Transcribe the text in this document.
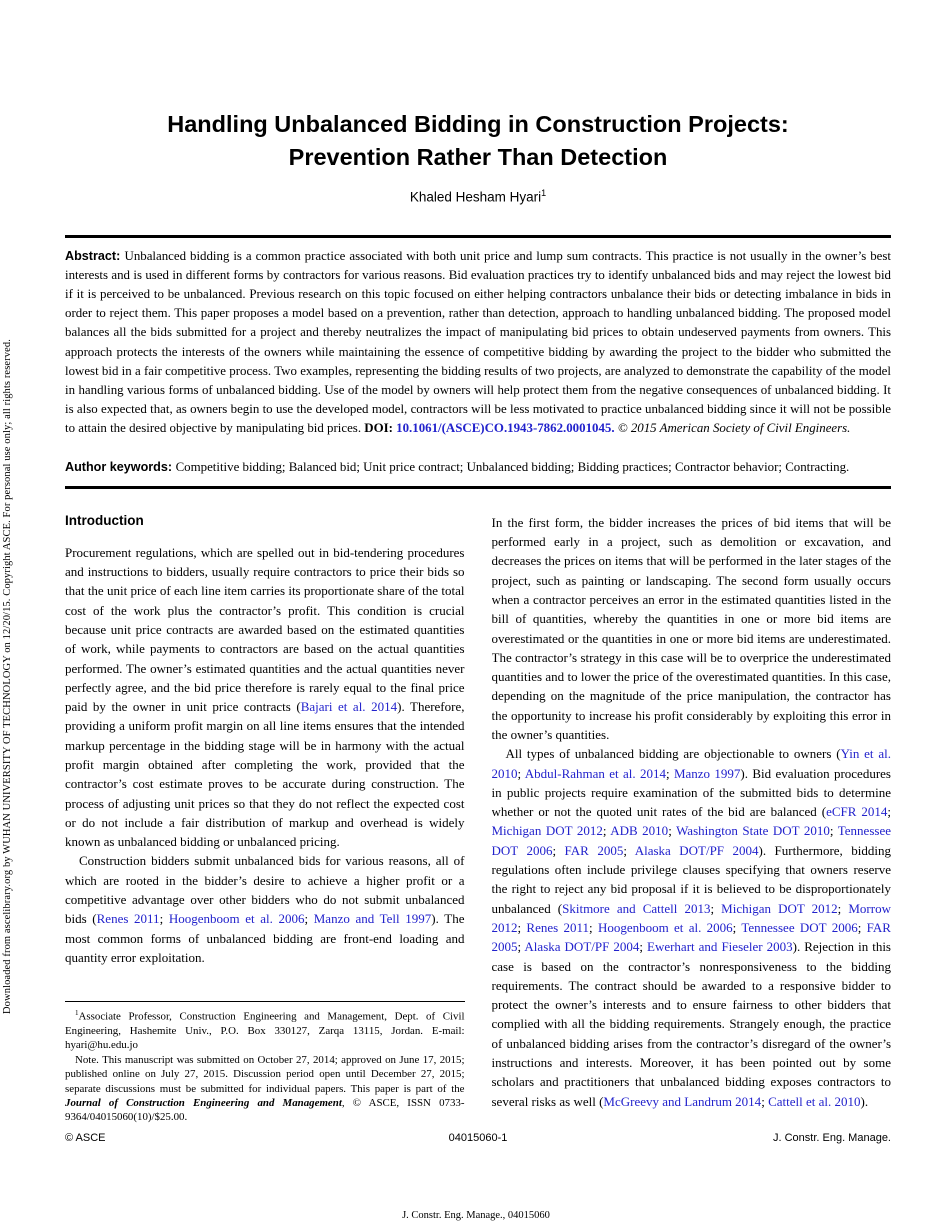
Downloaded from ascelibrary.org by WUHAN UNIVERSITY OF TECHNOLOGY on 12/20/15. Copyright ASCE. For personal use only; all rights reserved.
Handling Unbalanced Bidding in Construction Projects:
Prevention Rather Than Detection
Khaled Hesham Hyari$^1$

Abstract: Unbalanced bidding is a common practice associated with both unit price and lump sum contracts. This practice is not usually in the owner’s best interests and is used in different forms by contractors for various reasons. Bid evaluation practices try to identify unbalanced bids and may reject the lowest bid if it is perceived to be unbalanced. Previous research on this topic focused on either helping contractors unbalance their bids or detecting imbalance in bids in order to reject them. This paper proposes a model based on a prevention, rather than detection, approach to handling unbalanced bidding. The proposed model balances all the bids submitted for a project and thereby neutralizes the impact of manipulating bid prices to obtain undeserved payments from owners. This approach protects the interests of the owners while maintaining the essence of competitive bidding by awarding the project to the bidder who submitted the lowest bid in a fair competitive process. Two examples, representing the bidding results of two projects, are analyzed to demonstrate the capability of the model in handling various forms of unbalanced bidding. Use of the model by owners will help protect them from the negative consequences of unbalanced bidding. It is also expected that, as owners begin to use the developed model, contractors will be less motivated to practice unbalanced bidding since it will not be possible to attain the desired objective by manipulating bid prices. DOI: 10.1061/(ASCE)CO.1943-7862.0001045. © 2015 American Society of Civil Engineers.

Author keywords: Competitive bidding; Balanced bid; Unit price contract; Unbalanced bidding; Bidding practices; Contractor behavior; Contracting.

Introduction

Procurement regulations, which are spelled out in bid-tendering procedures and instructions to bidders, usually require contractors to price their bids so that the unit price of each line item carries its proportionate share of the total cost of the work plus the contractor’s profit. This condition is crucial because unit price contracts are awarded based on the estimated quantities of work, while payments to contractors are based on the actual quantities performed. The owner’s estimated quantities and the actual quantities never perfectly agree, and the bid price therefore is rarely equal to the final price paid by the owner in unit price contracts (Bajari et al. 2014). Therefore, providing a uniform profit margin on all line items ensures that the intended markup percentage in the bidding stage will be in harmony with the actual profit margin obtained after completing the work, provided that the contractor’s cost estimate proves to be accurate during construction. The process of adjusting unit prices so that they do not reflect the expected cost or do not include a fair distribution of markup and overhead is widely known as unbalanced bidding or unbalanced pricing.

Construction bidders submit unbalanced bids for various reasons, all of which are rooted in the bidder’s desire to achieve a higher profit or a competitive advantage over other bidders who do not submit unbalanced bids (Renes 2011; Hoogenboom et al. 2006; Manzo and Tell 1997). The most common forms of unbalanced bidding are front-end loading and quantity error exploitation.

$^1$Associate Professor, Construction Engineering and Management, Dept. of Civil Engineering, Hashemite Univ., P.O. Box 330127, Zarqa 13115, Jordan. E-mail: hyari@hu.edu.jo

Note. This manuscript was submitted on October 27, 2014; approved on June 17, 2015; published online on July 27, 2015. Discussion period open until December 27, 2015; separate discussions must be submitted for individual papers. This paper is part of the Journal of Construction Engineering and Management, © ASCE, ISSN 0733-9364/04015060(10)/$25.00.

In the first form, the bidder increases the prices of bid items that will be performed early in a project, such as demolition or excavation, and decreases the prices on items that will be performed in the later stages of the project, such as painting or landscaping. The second form usually occurs when a contractor perceives an error in the estimated quantities listed in the bill of quantities, whereby the quantities in one or more bid items are overestimated or the quantities in one or more bid items are underestimated. The contractor’s strategy in this case will be to overprice the underestimated quantities and to lower the price of the overestimated quantities. In this case, depending on the magnitude of the price manipulation, the contractor has the opportunity to increase his profit considerably by exploiting this error in the owner’s quantities.

All types of unbalanced bidding are objectionable to owners (Yin et al. 2010; Abdul-Rahman et al. 2014; Manzo 1997). Bid evaluation procedures in public projects require examination of the submitted bids to determine whether or not the quoted unit rates of the bid are balanced (eCFR 2014; Michigan DOT 2012; ADB 2010; Washington State DOT 2010; Tennessee DOT 2006; FAR 2005; Alaska DOT/PF 2004). Furthermore, bidding regulations often include privilege clauses specifying that owners reserve the right to reject any bid proposal if it is believed to be disproportionately unbalanced (Skitmore and Cattell 2013; Michigan DOT 2012; Morrow 2012; Renes 2011; Hoogenboom et al. 2006; Tennessee DOT 2006; FAR 2005; Alaska DOT/PF 2004; Ewerhart and Fieseler 2003). Rejection in this case is based on the contractor’s nonresponsiveness to the bidding requirements. The contract should be awarded to a responsive bidder to protect the owner’s interests and to ensure fairness to other bidders that complied with all the bidding requirements. Strangely enough, the practice of unbalanced bidding arises from the contractor’s disregard of the owner’s instructions and interests. Moreover, it has been pointed out by some scholars and practitioners that unbalanced bidding exposes contractors to several risks as well (McGreevy and Landrum 2014; Cattell et al. 2010).

© ASCE	04015060-1	J. Constr. Eng. Manage.
J. Constr. Eng. Manage., 04015060
